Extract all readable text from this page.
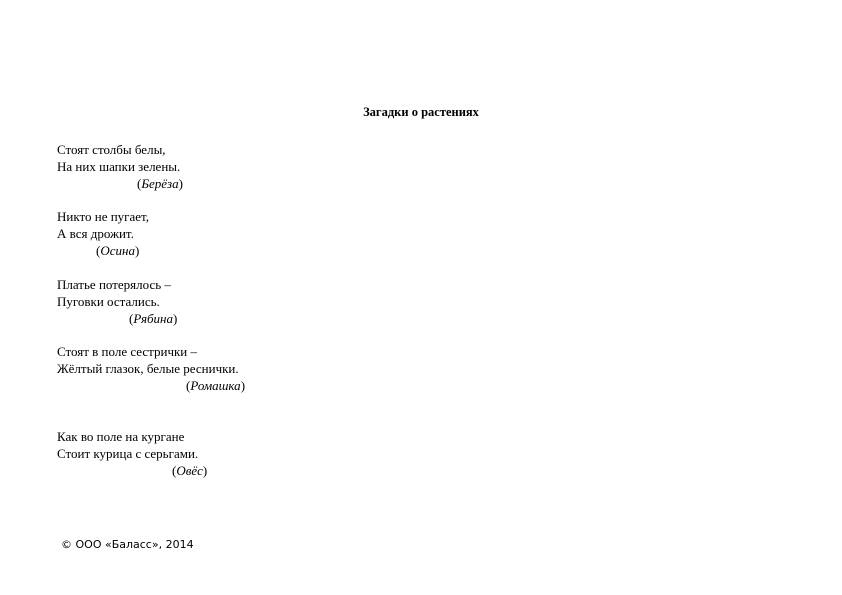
Загадки о растениях
Стоят столбы белы,
На них шапки зелены.
(Берёза)
Никто не пугает,
А вся дрожит.
(Осина)
Платье потерялось –
Пуговки остались.
(Рябина)
Стоят в поле сестрички –
Жёлтый глазок, белые реснички.
(Ромашка)
Как во поле на кургане
Стоит курица с серьгами.
(Овёс)
© ООО «Баласс», 2014
